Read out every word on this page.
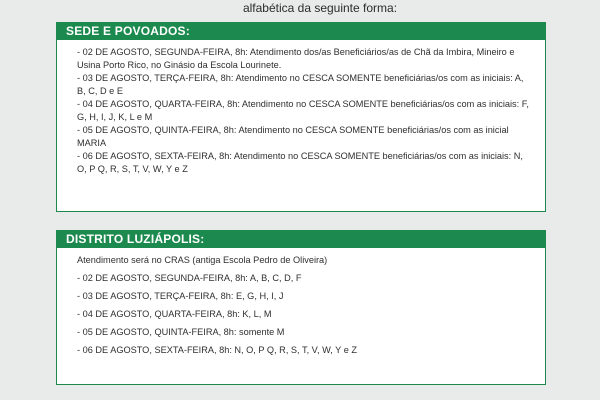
alfabética da seguinte forma:
SEDE E POVOADOS:

- 02 DE AGOSTO, SEGUNDA-FEIRA, 8h: Atendimento dos/as Beneficiários/as de Chã da Imbira, Mineiro e Usina Porto Rico, no Ginásio da Escola Lourinete.

- 03 DE AGOSTO, TERÇA-FEIRA, 8h: Atendimento no CESCA SOMENTE beneficiárias/os com as iniciais: A, B, C, D e E

- 04 DE AGOSTO, QUARTA-FEIRA, 8h: Atendimento no CESCA SOMENTE beneficiárias/os com as iniciais: F, G, H, I, J, K, L e M

- 05 DE AGOSTO, QUINTA-FEIRA, 8h: Atendimento no CESCA SOMENTE beneficiárias/os com as inicial MARIA

- 06 DE AGOSTO, SEXTA-FEIRA, 8h: Atendimento no CESCA SOMENTE beneficiárias/os com as iniciais: N, O, P Q, R, S, T, V, W, Y e Z

DISTRITO LUZIÁPOLIS:

Atendimento será no CRAS (antiga Escola Pedro de Oliveira)

- 02 DE AGOSTO, SEGUNDA-FEIRA, 8h: A, B, C, D, F

- 03 DE AGOSTO, TERÇA-FEIRA, 8h: E, G, H, I, J

- 04 DE AGOSTO, QUARTA-FEIRA, 8h: K, L, M

- 05 DE AGOSTO, QUINTA-FEIRA, 8h: somente M

- 06 DE AGOSTO, SEXTA-FEIRA, 8h: N, O, P Q, R, S, T, V, W, Y e Z
